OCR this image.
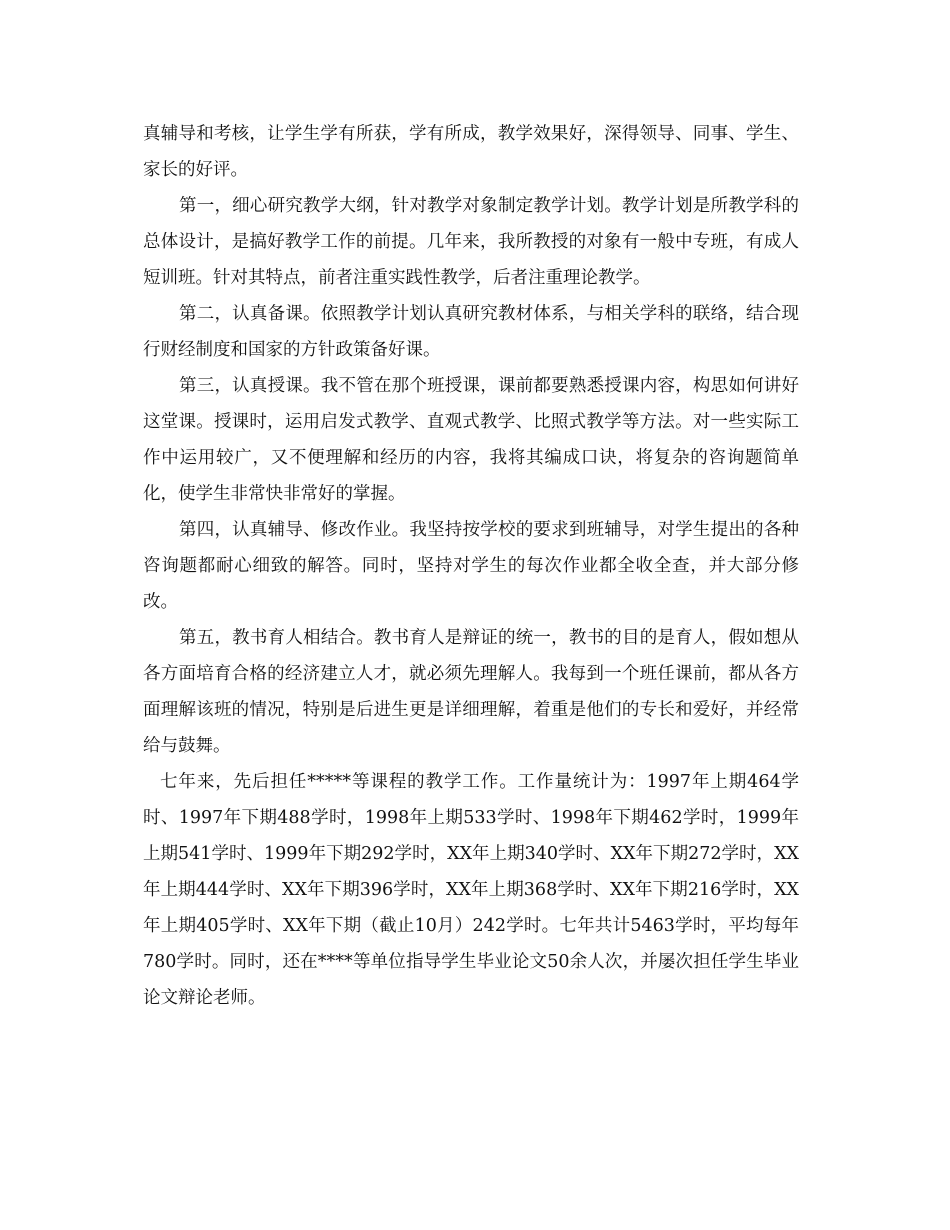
真辅导和考核，让学生学有所获，学有所成，教学效果好，深得领导、同事、学生、家长的好评。

第一，细心研究教学大纲，针对教学对象制定教学计划。教学计划是所教学科的总体设计，是搞好教学工作的前提。几年来，我所教授的对象有一般中专班，有成人短训班。针对其特点，前者注重实践性教学，后者注重理论教学。

第二，认真备课。依照教学计划认真研究教材体系，与相关学科的联络，结合现行财经制度和国家的方针政策备好课。

第三，认真授课。我不管在那个班授课，课前都要熟悉授课内容，构思如何讲好这堂课。授课时，运用启发式教学、直观式教学、比照式教学等方法。对一些实际工作中运用较广，又不便理解和经历的内容，我将其编成口诀，将复杂的咨询题简单化，使学生非常快非常好的掌握。

第四，认真辅导、修改作业。我坚持按学校的要求到班辅导，对学生提出的各种咨询题都耐心细致的解答。同时，坚持对学生的每次作业都全收全查，并大部分修改。

第五，教书育人相结合。教书育人是辩证的统一，教书的目的是育人，假如想从各方面培育合格的经济建立人才，就必须先理解人。我每到一个班任课前，都从各方面理解该班的情况，特别是后进生更是详细理解，着重是他们的专长和爱好，并经常给与鼓舞。

七年来，先后担任*****等课程的教学工作。工作量统计为：1997年上期464学时、1997年下期488学时，1998年上期533学时、1998年下期462学时，1999年上期541学时、1999年下期292学时，XX年上期340学时、XX年下期272学时，XX年上期444学时、XX年下期396学时，XX年上期368学时、XX年下期216学时，XX年上期405学时、XX年下期（截止10月）242学时。七年共计5463学时，平均每年780学时。同时，还在****等单位指导学生毕业论文50余人次，并屡次担任学生毕业论文辩论老师。
